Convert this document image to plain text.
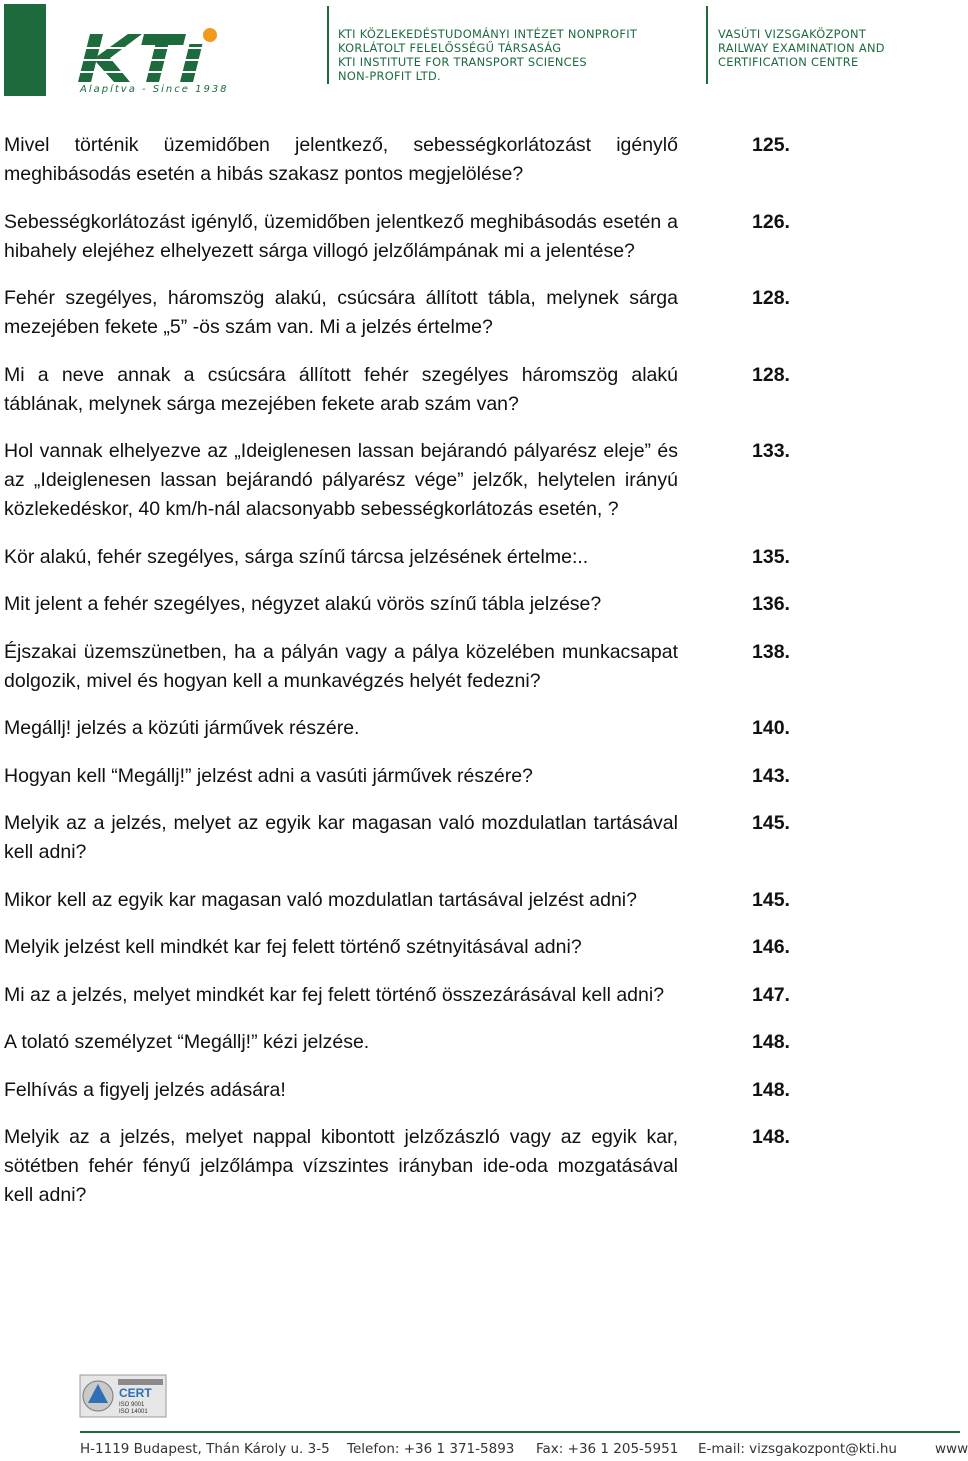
Alapítva - Since 1938
KTI KÖZLEKEDÉSTUDOMÁNYI INTÉZET NONPROFIT
KORLÁTOLT FELELŐSSÉGŰ TÁRSASÁG
KTI INSTITUTE FOR TRANSPORT SCIENCES
NON-PROFIT LTD.
VASÚTI VIZSGAKÖZPONT
RAILWAY EXAMINATION AND
CERTIFICATION CENTRE
Mivel történik üzemidőben jelentkező, sebességkorlátozást igénylő meghibásodás esetén a hibás szakasz pontos megjelölése?
125.
Sebességkorlátozást igénylő, üzemidőben jelentkező meghibásodás esetén a hibahely elejéhez elhelyezett sárga villogó jelzőlámpának mi a jelentése?
126.
Fehér szegélyes, háromszög alakú, csúcsára állított tábla, melynek sárga mezejében fekete „5” -ös szám van. Mi a jelzés értelme?
128.
Mi a neve annak a csúcsára állított fehér szegélyes háromszög alakú táblának, melynek sárga mezejében fekete arab szám van?
128.
Hol vannak elhelyezve az „Ideiglenesen lassan bejárandó pályarész eleje” és az „Ideiglenesen lassan bejárandó pályarész vége” jelzők, helytelen irányú közlekedéskor, 40 km/h-nál alacsonyabb sebességkorlátozás esetén, ?
133.
Kör alakú, fehér szegélyes, sárga színű tárcsa jelzésének értelme:..	135.
Mit jelent a fehér szegélyes, négyzet alakú vörös színű tábla jelzése?	136.
Éjszakai üzemszünetben, ha a pályán vagy a pálya közelében munkacsapat dolgozik, mivel és hogyan kell a munkavégzés helyét fedezni?
138.
Megállj! jelzés a közúti járművek részére.	140.
Hogyan kell “Megállj!” jelzést adni a vasúti járművek részére?	143.
Melyik az a jelzés, melyet az egyik kar magasan való mozdulatlan tartásával kell adni?
145.
Mikor kell az egyik kar magasan való mozdulatlan tartásával jelzést adni?	145.
Melyik jelzést kell mindkét kar fej felett történő szétnyitásával adni?	146.
Mi az a jelzés, melyet mindkét kar fej felett történő összezárásával kell adni?	147.
A tolató személyzet “Megállj!” kézi jelzése.	148.
Felhívás a figyelj jelzés adására!	148.
Melyik az a jelzés, melyet nappal kibontott jelzőzászló vagy az egyik kar, sötétben fehér fényű jelzőlámpa vízszintes irányban ide-oda mozgatásával kell adni?
148.
CERT
ISO 9001
ISO 14001
H-1119 Budapest, Thán Károly u. 3-5 Telefon: +36 1 371-5893 Fax: +36 1 205-5951 E-mail: vizsgakozpont@kti.hu	www
